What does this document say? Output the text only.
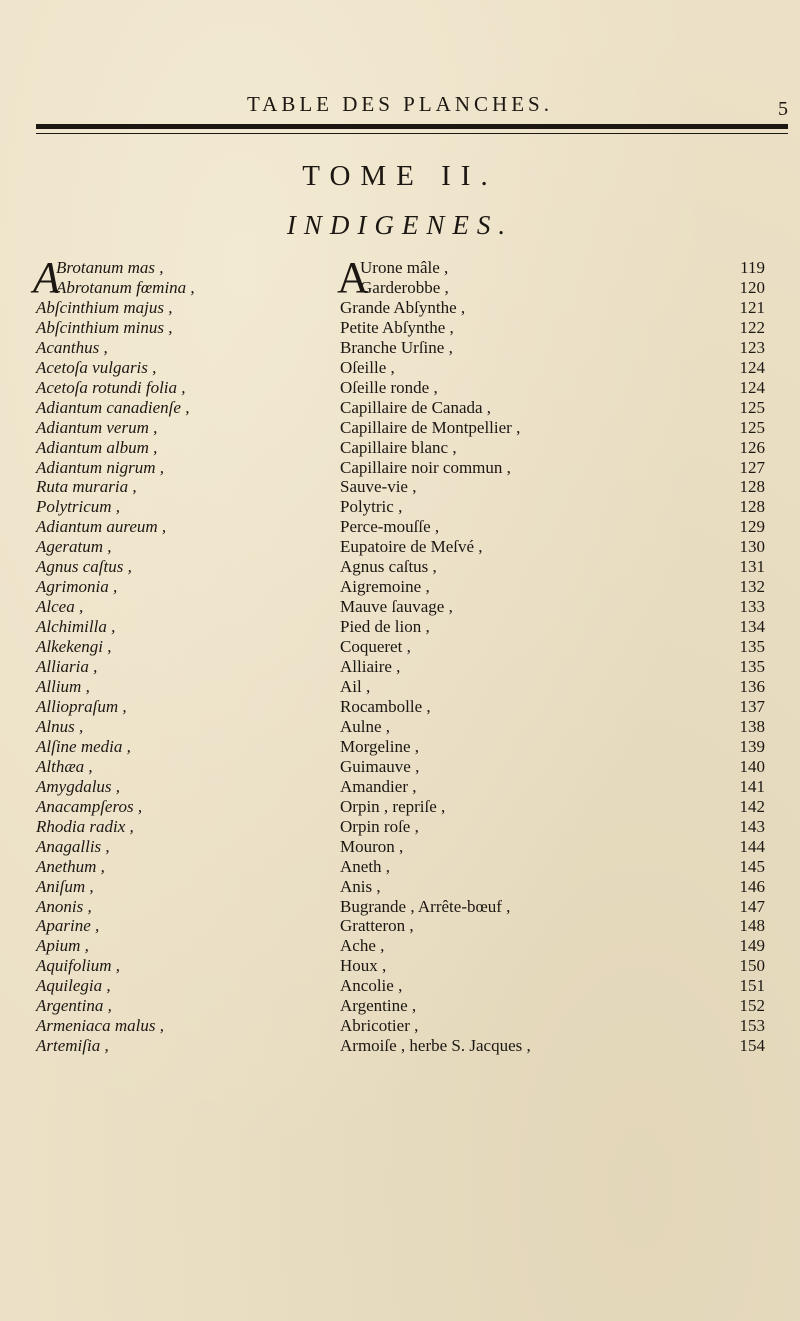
TABLE DES PLANCHES.	5
TOME II.
INDIGENES.
Brotanum mas ,	Urone mâle ,	119
Abrotanum fœmina ,	Garderobbe ,	120
Abſcinthium majus ,	Grande Abſynthe ,	121
Abſcinthium minus ,	Petite Abſynthe ,	122
Acanthus ,	Branche Urſine ,	123
Acetoſa vulgaris ,	Oſeille ,	124
Acetoſa rotundi folia ,	Oſeille ronde ,	124
Adiantum canadienſe ,	Capillaire de Canada ,	125
Adiantum verum ,	Capillaire de Montpellier ,	125
Adiantum album ,	Capillaire blanc ,	126
Adiantum nigrum ,	Capillaire noir commun ,	127
Ruta muraria ,	Sauve-vie ,	128
Polytricum ,	Polytric ,	128
Adiantum aureum ,	Perce-mouſſe ,	129
Ageratum ,	Eupatoire de Meſvé ,	130
Agnus caſtus ,	Agnus caſtus ,	131
Agrimonia ,	Aigremoine ,	132
Alcea ,	Mauve ſauvage ,	133
Alchimilla ,	Pied de lion ,	134
Alkekengi ,	Coqueret ,	135
Alliaria ,	Alliaire ,	135
Allium ,	Ail ,	136
Alliopraſum ,	Rocambolle ,	137
Alnus ,	Aulne ,	138
Alſine media ,	Morgeline ,	139
Althæa ,	Guimauve ,	140
Amygdalus ,	Amandier ,	141
Anacampſeros ,	Orpin , repriſe ,	142
Rhodia radix ,	Orpin roſe ,	143
Anagallis ,	Mouron ,	144
Anethum ,	Aneth ,	145
Aniſum ,	Anis ,	146
Anonis ,	Bugrande , Arrête-bœuf ,	147
Aparine ,	Gratteron ,	148
Apium ,	Ache ,	149
Aquifolium ,	Houx ,	150
Aquilegia ,	Ancolie ,	151
Argentina ,	Argentine ,	152
Armeniaca malus ,	Abricotier ,	153
Artemiſia ,	Armoiſe , herbe S. Jacques ,	154
A	A
